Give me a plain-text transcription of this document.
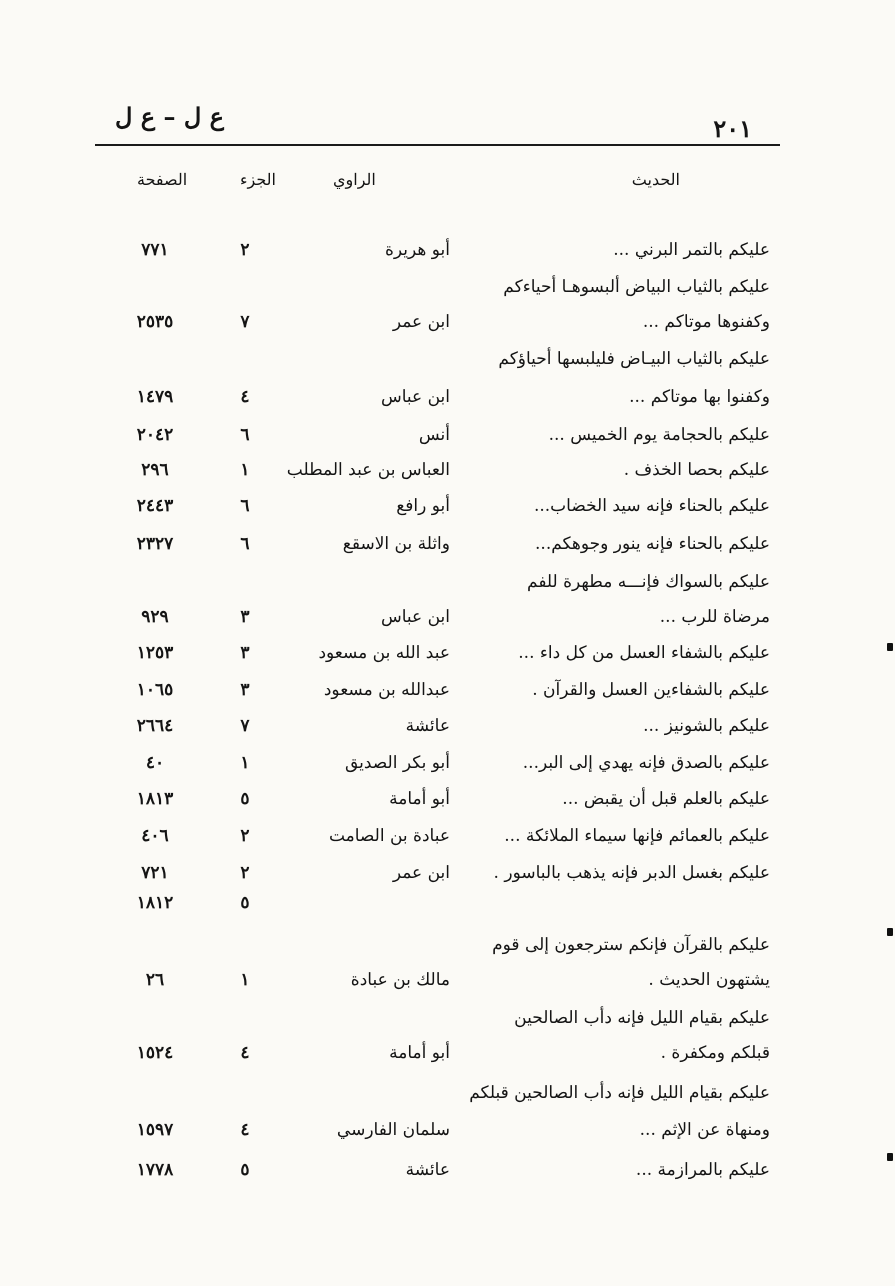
٢٠١
ع ل – ع ل
الحديث
الراوي
الجزء
الصفحة
عليكم بالتمر البرني ...
أبو هريرة
٢
٧٧١
عليكم بالثياب البياض ألبسوهـا أحياءكم
وكفنوها موتاكم ...
ابن عمر
٧
٢٥٣٥
عليكم بالثياب البيـاض فليلبسها أحياؤكم
وكفنوا بها موتاكم ...
ابن عباس
٤
١٤٧٩
عليكم بالحجامة يوم الخميس ...
أنس
٦
٢٠٤٢
عليكم بحصا الخذف .
العباس بن عبد المطلب
١
٢٩٦
عليكم بالحناء فإنه سيد الخضاب...
أبو رافع
٦
٢٤٤٣
عليكم بالحناء فإنه ينور وجوهكم...
واثلة بن الاسقع
٦
٢٣٢٧
عليكم بالسواك فإنـــه مطهرة للفم
مرضاة للرب ...
ابن عباس
٣
٩٢٩
عليكم بالشفاء العسل من كل داء ...
عبد الله بن مسعود
٣
١٢٥٣
عليكم بالشفاءين العسل والقرآن .
عبدالله بن مسعود
٣
١٠٦٥
عليكم بالشونيز ...
عائشة
٧
٢٦٦٤
عليكم بالصدق فإنه يهدي إلى البر...
أبو بكر الصديق
١
٤٠
عليكم بالعلم قبل أن يقبض ...
أبو أمامة
٥
١٨١٣
عليكم بالعمائم فإنها سيماء الملائكة ...
عبادة بن الصامت
٢
٤٠٦
عليكم بغسل الدبر فإنه يذهب بالباسور .
ابن عمر
٢
٧٢١
٥
١٨١٢
عليكم بالقرآن فإنكم سترجعون إلى قوم
يشتهون الحديث .
مالك بن عبادة
١
٢٦
عليكم بقيام الليل فإنه دأب الصالحين
قبلكم ومكفرة .
أبو أمامة
٤
١٥٢٤
عليكم بقيام الليل فإنه دأب الصالحين قبلكم
ومنهاة عن الإثم ...
سلمان الفارسي
٤
١٥٩٧
عليكم بالمرازمة ...
عائشة
٥
١٧٧٨
